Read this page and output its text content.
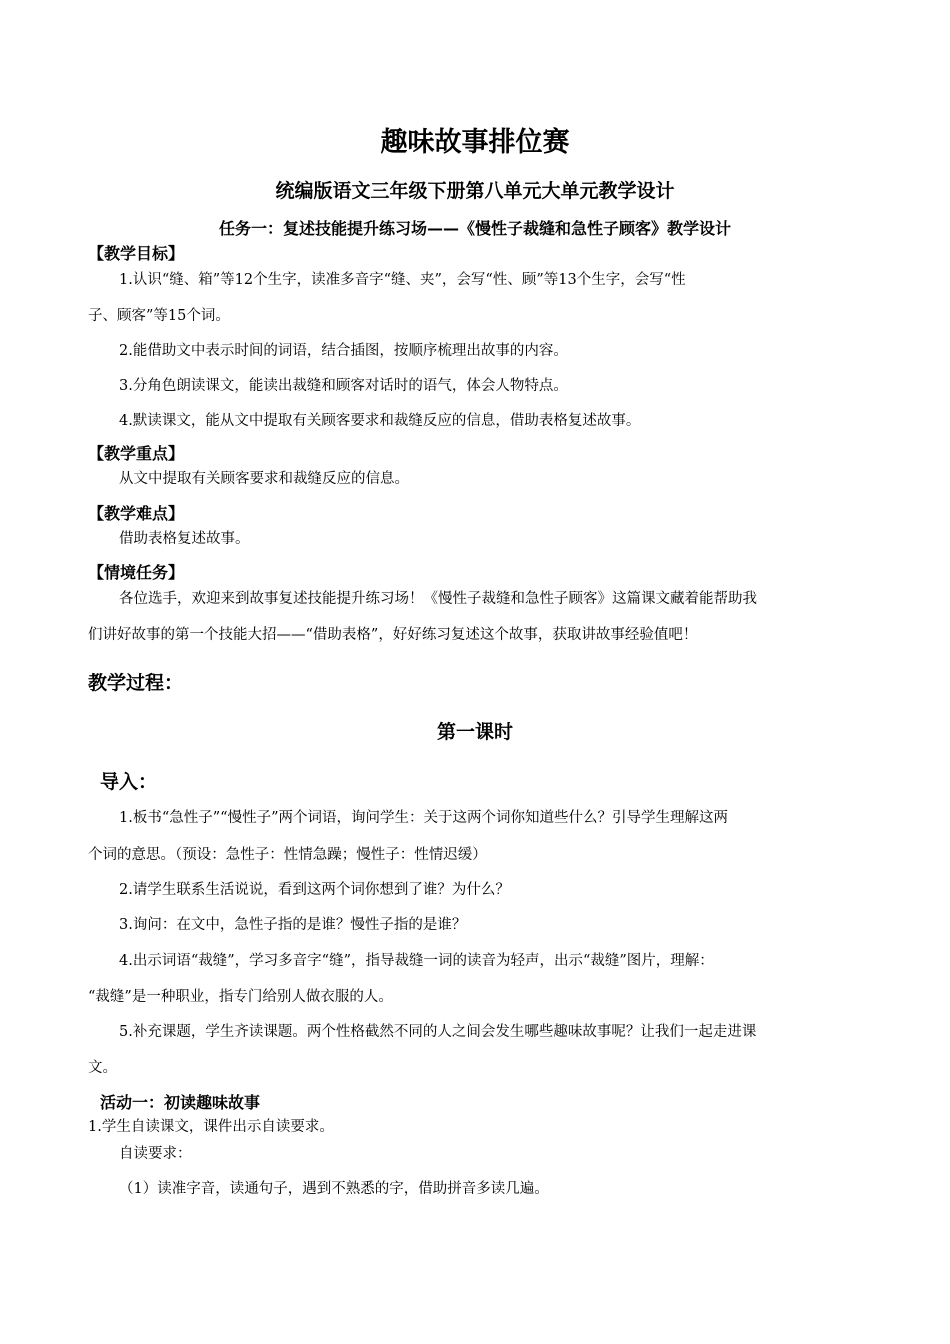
趣味故事排位赛
统编版语文三年级下册第八单元大单元教学设计
任务一：复述技能提升练习场——《慢性子裁缝和急性子顾客》教学设计
【教学目标】

1.认识“缝、箱”等12个生字，读准多音字“缝、夹”，会写“性、顾”等13个生字，会写“性

子、顾客”等15个词。

2.能借助文中表示时间的词语，结合插图，按顺序梳理出故事的内容。

3.分角色朗读课文，能读出裁缝和顾客对话时的语气，体会人物特点。

4.默读课文，能从文中提取有关顾客要求和裁缝反应的信息，借助表格复述故事。

【教学重点】

从文中提取有关顾客要求和裁缝反应的信息。

【教学难点】

借助表格复述故事。

【情境任务】

各位选手，欢迎来到故事复述技能提升练习场！《慢性子裁缝和急性子顾客》这篇课文藏着能帮助我

们讲好故事的第一个技能大招——“借助表格”，好好练习复述这个故事，获取讲故事经验值吧！

教学过程：
第一课时
导入：

1.板书“急性子”“慢性子”两个词语，询问学生：关于这两个词你知道些什么？引导学生理解这两

个词的意思。（预设：急性子：性情急躁；慢性子：性情迟缓）

2.请学生联系生活说说，看到这两个词你想到了谁？为什么？

3.询问：在文中，急性子指的是谁？慢性子指的是谁？

4.出示词语“裁缝”，学习多音字“缝”，指导裁缝一词的读音为轻声，出示“裁缝”图片，理解：

“裁缝”是一种职业，指专门给别人做衣服的人。

5.补充课题，学生齐读课题。两个性格截然不同的人之间会发生哪些趣味故事呢？让我们一起走进课

文。

活动一：初读趣味故事

1.学生自读课文，课件出示自读要求。

自读要求：

（1）读准字音，读通句子，遇到不熟悉的字，借助拼音多读几遍。
